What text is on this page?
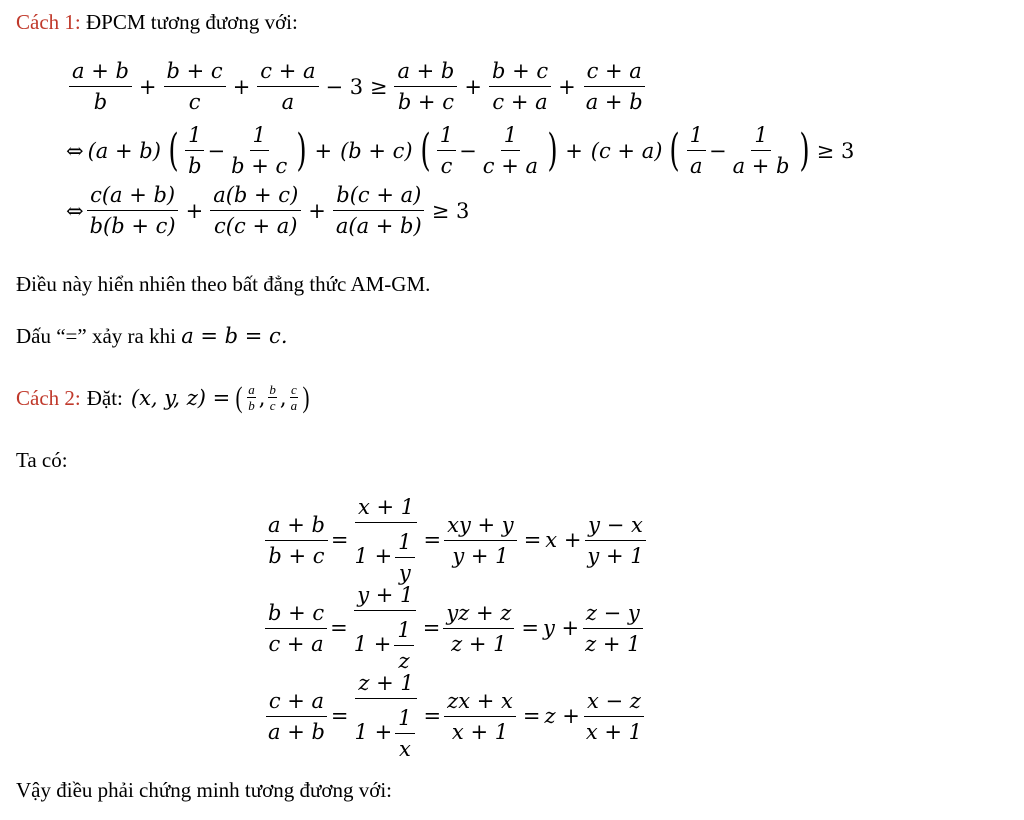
Cách 1: ĐPCM tương đương với:
$\frac{a + b}{b} + \frac{b + c}{c} + \frac{c + a}{a} - 3 \ge \frac{a + b}{b + c} + \frac{b + c}{c + a} + \frac{c + a}{a + b}$
⇔ (a + b) ( $\frac{1}{b} - \frac{1}{b + c}$ ) + (b + c) ( $\frac{1}{c} - \frac{1}{c + a}$ ) + (c + a) ( $\frac{1}{a} - \frac{1}{a + b}$ ) ≥ 3
⇔ $\frac{c(a + b)}{b(b + c)} + \frac{a(b + c)}{c(c + a)} + \frac{b(c + a)}{a(a + b)} \ge 3$
Điều này hiển nhiên theo bất đẳng thức AM-GM.
Dấu “=” xảy ra khi a = b = c.
Cách 2: Đặt: (x, y, z) = ( $\frac{a}{b}$ , $\frac{b}{c}$ , $\frac{c}{a}$ )
Ta có:
$\frac{a + b}{b + c} = \frac{x + 1}{1 + \frac{1}{y}} = \frac{xy + y}{y + 1} = x + \frac{y - x}{y + 1}$
$\frac{b + c}{c + a} = \frac{y + 1}{1 + \frac{1}{z}} = \frac{yz + z}{z + 1} = y + \frac{z - y}{z + 1}$
$\frac{c + a}{a + b} = \frac{z + 1}{1 + \frac{1}{x}} = \frac{zx + x}{x + 1} = z + \frac{x - z}{x + 1}$
Vậy điều phải chứng minh tương đương với:
